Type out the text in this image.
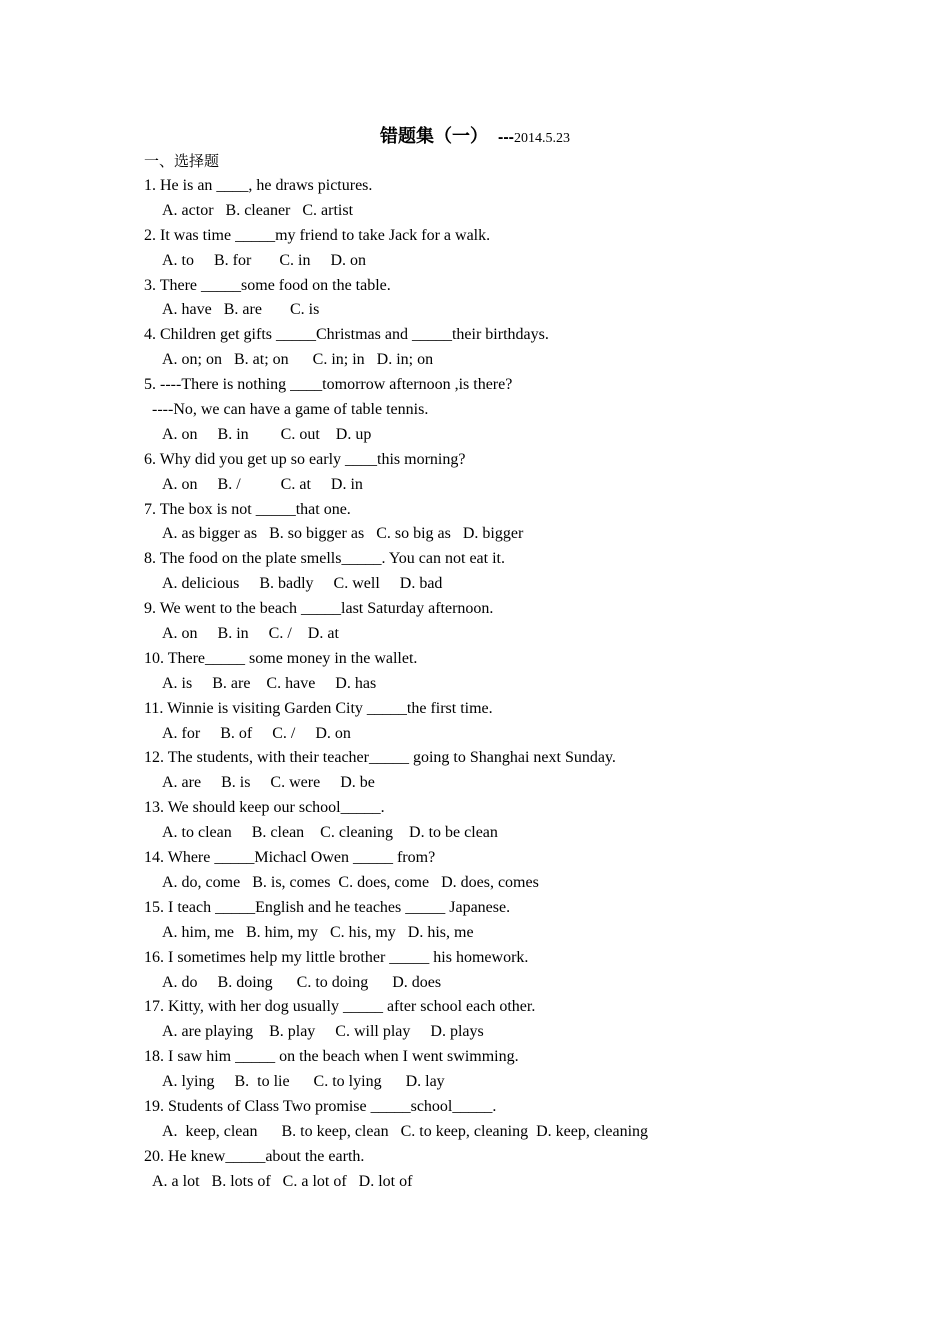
错题集（一） ---2014.5.23
一、选择题
1. He is an ____, he draws pictures.
A. actor   B. cleaner   C. artist
2. It was time _____my friend to take Jack for a walk.
A. to     B. for       C. in     D. on
3. There _____some food on the table.
A. have   B. are       C. is
4. Children get gifts _____Christmas and _____their birthdays.
A. on; on   B. at; on      C. in; in   D. in; on
5. ----There is nothing ____tomorrow afternoon ,is there?
----No, we can have a game of table tennis.
A. on     B. in        C. out    D. up
6. Why did you get up so early ____this morning?
A. on     B. /          C. at     D. in
7. The box is not _____that one.
A. as bigger as   B. so bigger as   C. so big as   D. bigger
8. The food on the plate smells_____. You can not eat it.
A. delicious     B. badly     C. well     D. bad
9. We went to the beach _____last Saturday afternoon.
A. on     B. in     C. /    D. at
10. There_____ some money in the wallet.
A. is     B. are    C. have     D. has
11. Winnie is visiting Garden City _____the first time.
A. for     B. of     C. /     D. on
12. The students, with their teacher_____ going to Shanghai next Sunday.
A. are     B. is     C. were     D. be
13. We should keep our school_____.
A. to clean     B. clean    C. cleaning    D. to be clean
14. Where _____Michacl Owen _____ from?
A. do, come   B. is, comes  C. does, come   D. does, comes
15. I teach _____English and he teaches _____ Japanese.
A. him, me   B. him, my   C. his, my   D. his, me
16. I sometimes help my little brother _____ his homework.
A. do     B. doing      C. to doing      D. does
17. Kitty, with her dog usually _____ after school each other.
A. are playing    B. play     C. will play     D. plays
18. I saw him _____ on the beach when I went swimming.
A. lying     B.  to lie      C. to lying      D. lay
19. Students of Class Two promise _____school_____.
A.  keep, clean      B. to keep, clean   C. to keep, cleaning  D. keep, cleaning
20. He knew_____about the earth.
A. a lot   B. lots of   C. a lot of   D. lot of
